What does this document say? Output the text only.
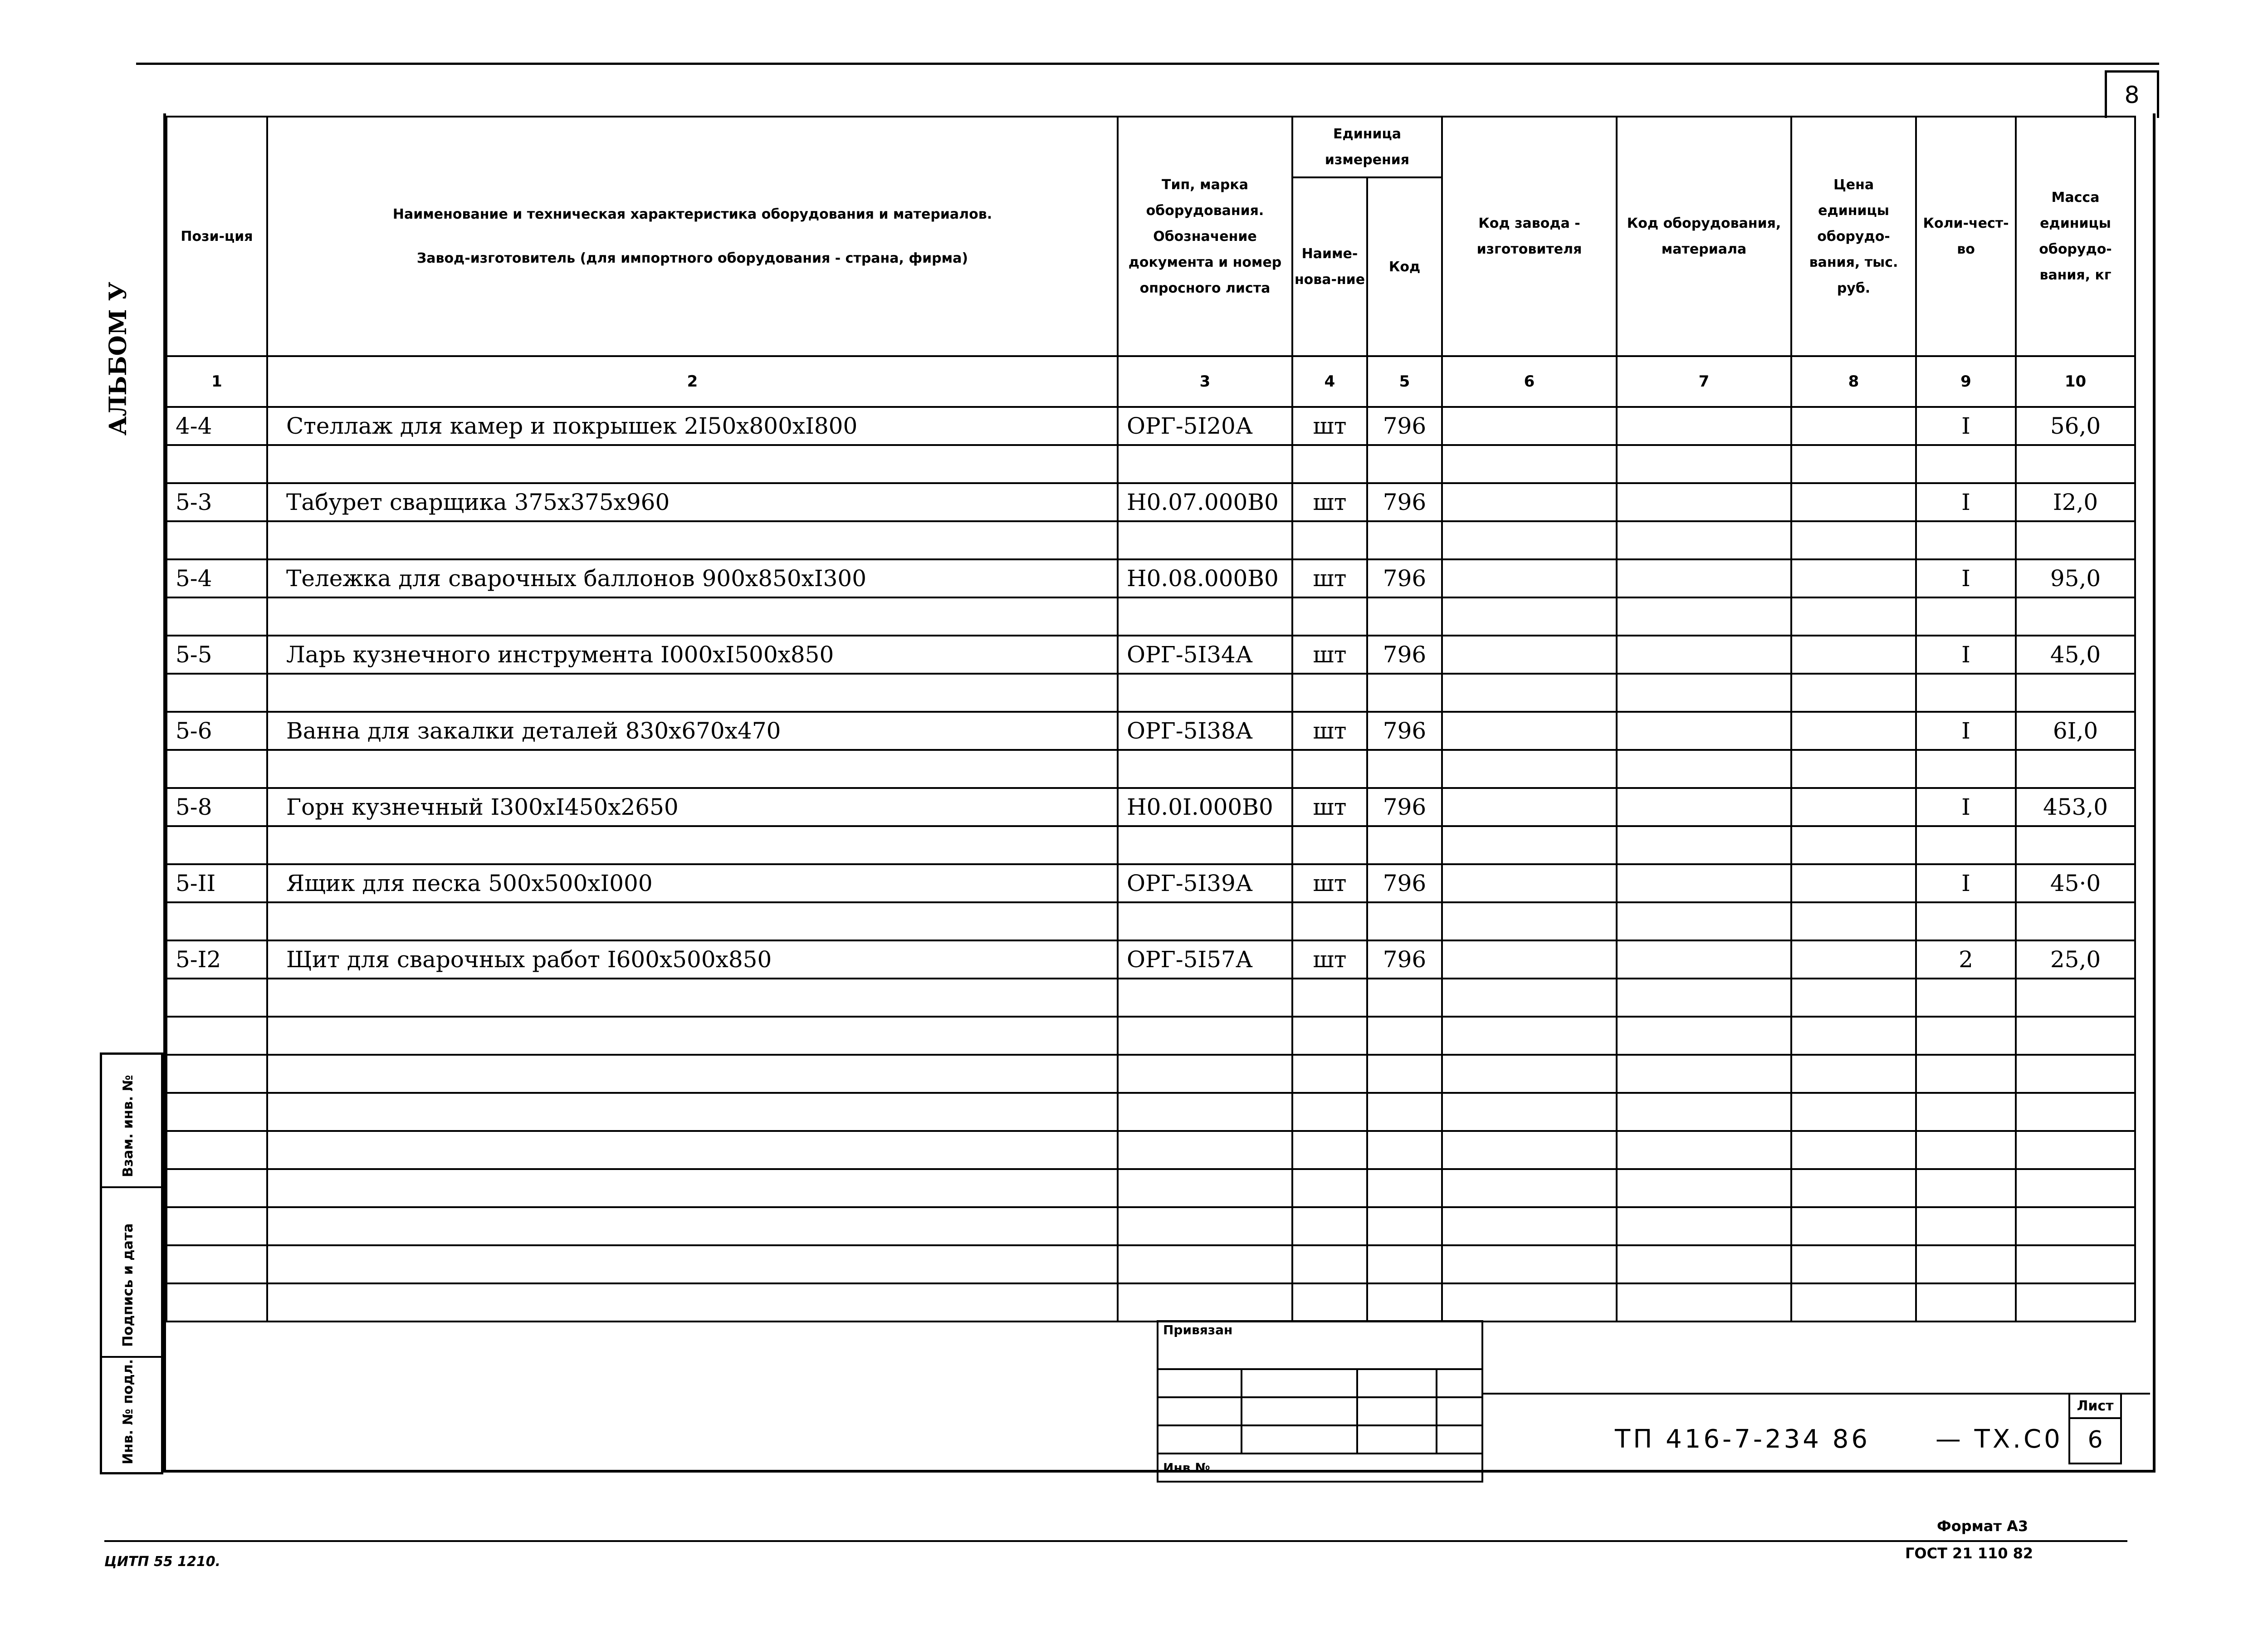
8
АЛЬБОМ У
Пози-ция	
Наименование и техническая характеристика оборудования и материалов.
Завод-изготовитель (для импортного оборудования - страна, фирма)
	Тип, марка оборудования. Обозначение документа и номер опросного листа	
Единица измерения
Наиме-нова-ние	Код
	Код завода - изготовителя	Код оборудования, материала	Цена единицы оборудо-вания, тыс. руб.	Коли-чест-во	Масса единицы оборудо-вания, кг
1	2	3	4	5	6	7	8	9	10
4-4	Стеллаж для камер и покрышек 2I50x800xI800	ОРГ-5I20А	шт	796				I	56,0

5-3	Табурет сварщика 375x375x960	Н0.07.000В0	шт	796				I	I2,0

5-4	Тележка для сварочных баллонов 900x850xI300	Н0.08.000В0	шт	796				I	95,0

5-5	Ларь кузнечного инструмента I000xI500x850	ОРГ-5I34А	шт	796				I	45,0

5-6	Ванна для закалки деталей 830x670x470	ОРГ-5I38А	шт	796				I	6I,0

5-8	Горн кузнечный I300xI450x2650	Н0.0I.000В0	шт	796				I	453,0

5-II	Ящик для песка 500x500xI000	ОРГ-5I39А	шт	796				I	45·0

5-I2	Щит для сварочных работ I600x500x850	ОРГ-5I57А	шт	796				2	25,0

Взам. инв. №
Подпись и дата
Инв. № подл.
Привязан			

Инв №			
ТП 416-7-234 86	— ТХ.С0
Лист
6
Формат А3
ГОСТ 21 110 82
ЦИТП 55 1210.
